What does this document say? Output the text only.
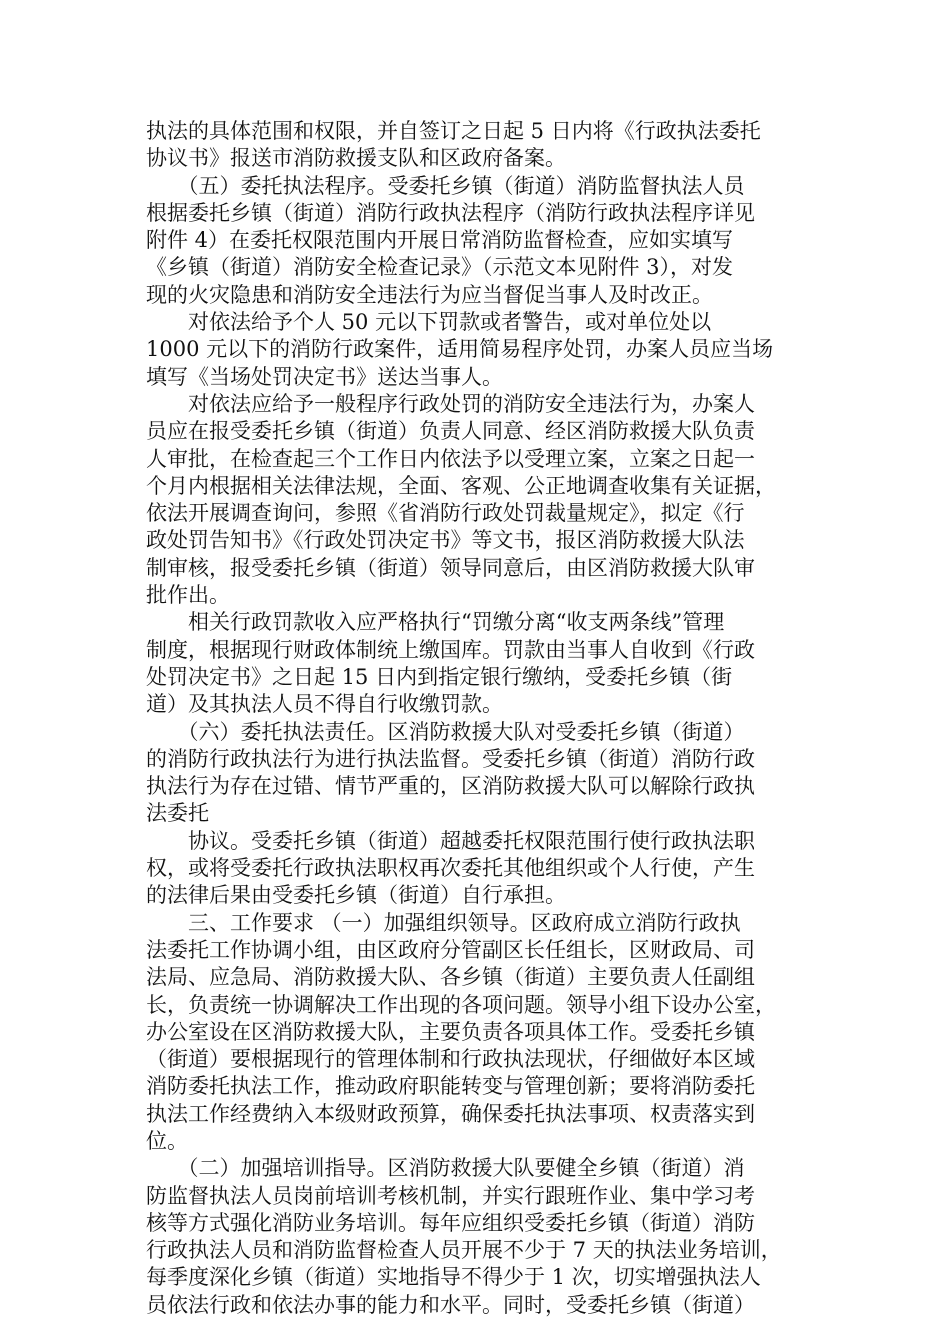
执法的具体范围和权限，并自签订之日起 5 日内将《行政执法委托

协议书》报送市消防救援支队和区政府备案。

　　（五）委托执法程序。受委托乡镇（街道）消防监督执法人员

根据委托乡镇（街道）消防行政执法程序（消防行政执法程序详见

附件 4）在委托权限范围内开展日常消防监督检查，应如实填写

《乡镇（街道）消防安全检查记录》（示范文本见附件 3），对发

现的火灾隐患和消防安全违法行为应当督促当事人及时改正。

　　对依法给予个人 50 元以下罚款或者警告，或对单位处以

1000 元以下的消防行政案件，适用简易程序处罚，办案人员应当场

填写《当场处罚决定书》送达当事人。

　　对依法应给予一般程序行政处罚的消防安全违法行为，办案人

员应在报受委托乡镇（街道）负责人同意、经区消防救援大队负责

人审批，在检查起三个工作日内依法予以受理立案，立案之日起一

个月内根据相关法律法规，全面、客观、公正地调查收集有关证据，

依法开展调查询问，参照《省消防行政处罚裁量规定》，拟定《行

政处罚告知书》《行政处罚决定书》等文书，报区消防救援大队法

制审核，报受委托乡镇（街道）领导同意后，由区消防救援大队审

批作出。

　　相关行政罚款收入应严格执行“罚缴分离“收支两条线”管理

制度，根据现行财政体制统上缴国库。罚款由当事人自收到《行政

处罚决定书》之日起 15 日内到指定银行缴纳，受委托乡镇（街

道）及其执法人员不得自行收缴罚款。

　　（六）委托执法责任。区消防救援大队对受委托乡镇（街道）

的消防行政执法行为进行执法监督。受委托乡镇（街道）消防行政

执法行为存在过错、情节严重的，区消防救援大队可以解除行政执

法委托

　　协议。受委托乡镇（街道）超越委托权限范围行使行政执法职

权，或将受委托行政执法职权再次委托其他组织或个人行使，产生

的法律后果由受委托乡镇（街道）自行承担。

　　三、工作要求 （一）加强组织领导。区政府成立消防行政执

法委托工作协调小组，由区政府分管副区长任组长，区财政局、司

法局、应急局、消防救援大队、各乡镇（街道）主要负责人任副组

长，负责统一协调解决工作出现的各项问题。领导小组下设办公室，

办公室设在区消防救援大队，主要负责各项具体工作。受委托乡镇

（街道）要根据现行的管理体制和行政执法现状，仔细做好本区域

消防委托执法工作，推动政府职能转变与管理创新；要将消防委托

执法工作经费纳入本级财政预算，确保委托执法事项、权责落实到

位。

　　（二）加强培训指导。区消防救援大队要健全乡镇（街道）消

防监督执法人员岗前培训考核机制，并实行跟班作业、集中学习考

核等方式强化消防业务培训。每年应组织受委托乡镇（街道）消防

行政执法人员和消防监督检查人员开展不少于 7 天的执法业务培训，

每季度深化乡镇（街道）实地指导不得少于 1 次，切实增强执法人

员依法行政和依法办事的能力和水平。同时，受委托乡镇（街道）
